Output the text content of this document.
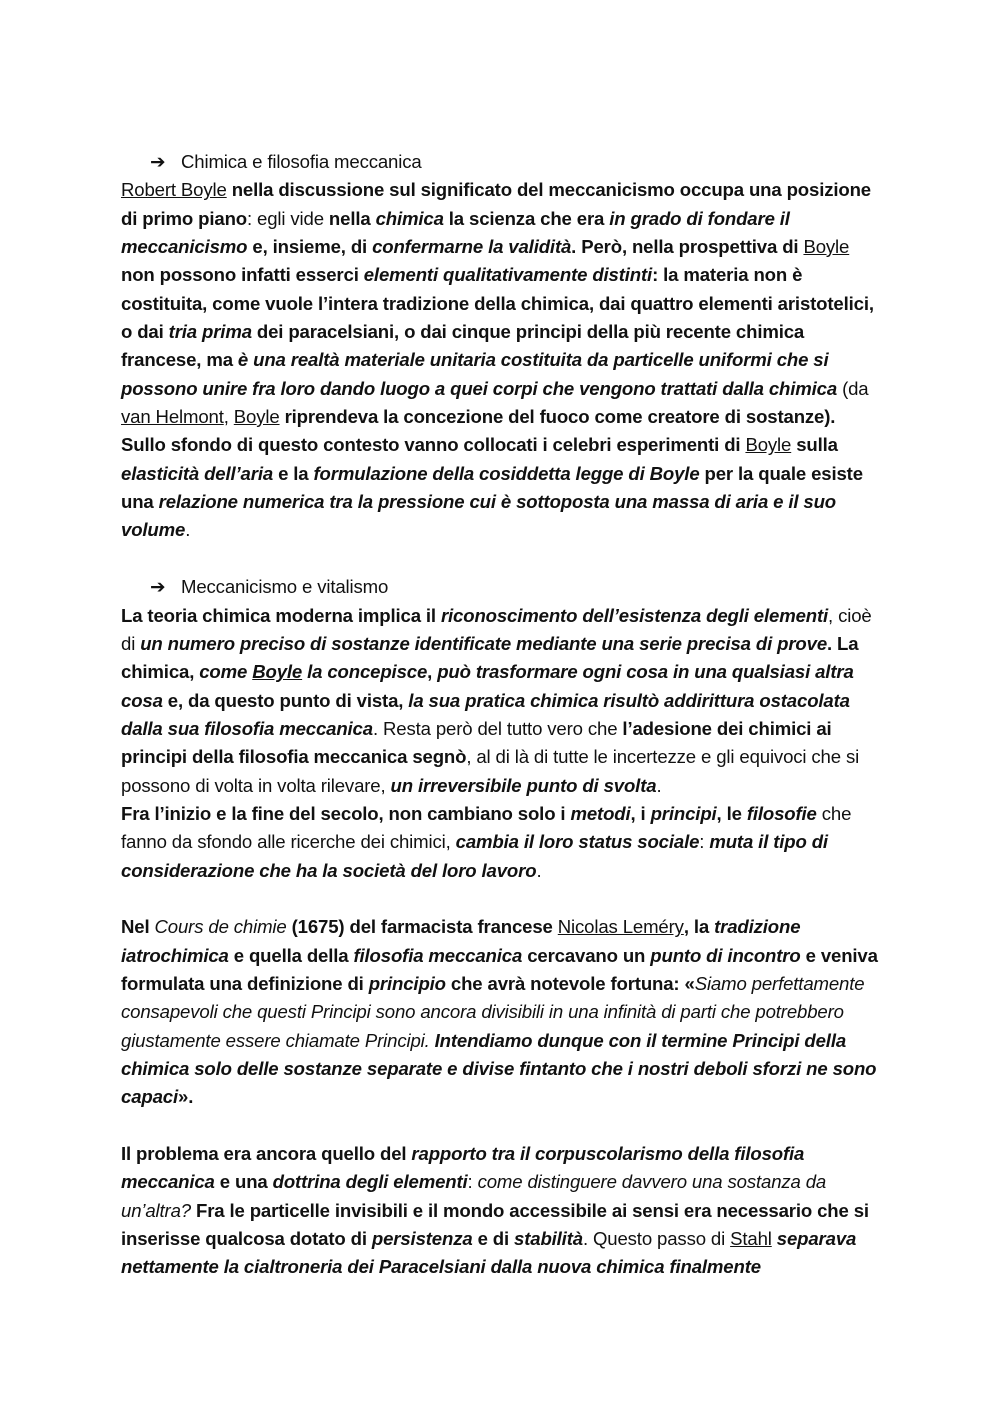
➔ Chimica e filosofia meccanica

Robert Boyle nella discussione sul significato del meccanicismo occupa una posizione di primo piano: egli vide nella chimica la scienza che era in grado di fondare il meccanicismo e, insieme, di confermarne la validità. Però, nella prospettiva di Boyle non possono infatti esserci elementi qualitativamente distinti: la materia non è costituita, come vuole l’intera tradizione della chimica, dai quattro elementi aristotelici, o dai tria prima dei paracelsiani, o dai cinque principi della più recente chimica francese, ma è una realtà materiale unitaria costituita da particelle uniformi che si possono unire fra loro dando luogo a quei corpi che vengono trattati dalla chimica (da van Helmont, Boyle riprendeva la concezione del fuoco come creatore di sostanze).

Sullo sfondo di questo contesto vanno collocati i celebri esperimenti di Boyle sulla elasticità dell’aria e la formulazione della cosiddetta legge di Boyle per la quale esiste una relazione numerica tra la pressione cui è sottoposta una massa di aria e il suo volume.

➔ Meccanicismo e vitalismo

La teoria chimica moderna implica il riconoscimento dell’esistenza degli elementi, cioè di un numero preciso di sostanze identificate mediante una serie precisa di prove. La chimica, come Boyle la concepisce, può trasformare ogni cosa in una qualsiasi altra cosa e, da questo punto di vista, la sua pratica chimica risultò addirittura ostacolata dalla sua filosofia meccanica. Resta però del tutto vero che l’adesione dei chimici ai principi della filosofia meccanica segnò, al di là di tutte le incertezze e gli equivoci che si possono di volta in volta rilevare, un irreversibile punto di svolta.

Fra l’inizio e la fine del secolo, non cambiano solo i metodi, i principi, le filosofie che fanno da sfondo alle ricerche dei chimici, cambia il loro status sociale: muta il tipo di considerazione che ha la società del loro lavoro.

Nel Cours de chimie (1675) del farmacista francese Nicolas Leméry, la tradizione iatrochimica e quella della filosofia meccanica cercavano un punto di incontro e veniva formulata una definizione di principio che avrà notevole fortuna: «Siamo perfettamente consapevoli che questi Principi sono ancora divisibili in una infinità di parti che potrebbero giustamente essere chiamate Principi. Intendiamo dunque con il termine Principi della chimica solo delle sostanze separate e divise fintanto che i nostri deboli sforzi ne sono capaci».

Il problema era ancora quello del rapporto tra il corpuscolarismo della filosofia meccanica e una dottrina degli elementi: come distinguere davvero una sostanza da un’altra? Fra le particelle invisibili e il mondo accessibile ai sensi era necessario che si inserisse qualcosa dotato di persistenza e di stabilità. Questo passo di Stahl separava nettamente la cialtroneria dei Paracelsiani dalla nuova chimica finalmente
